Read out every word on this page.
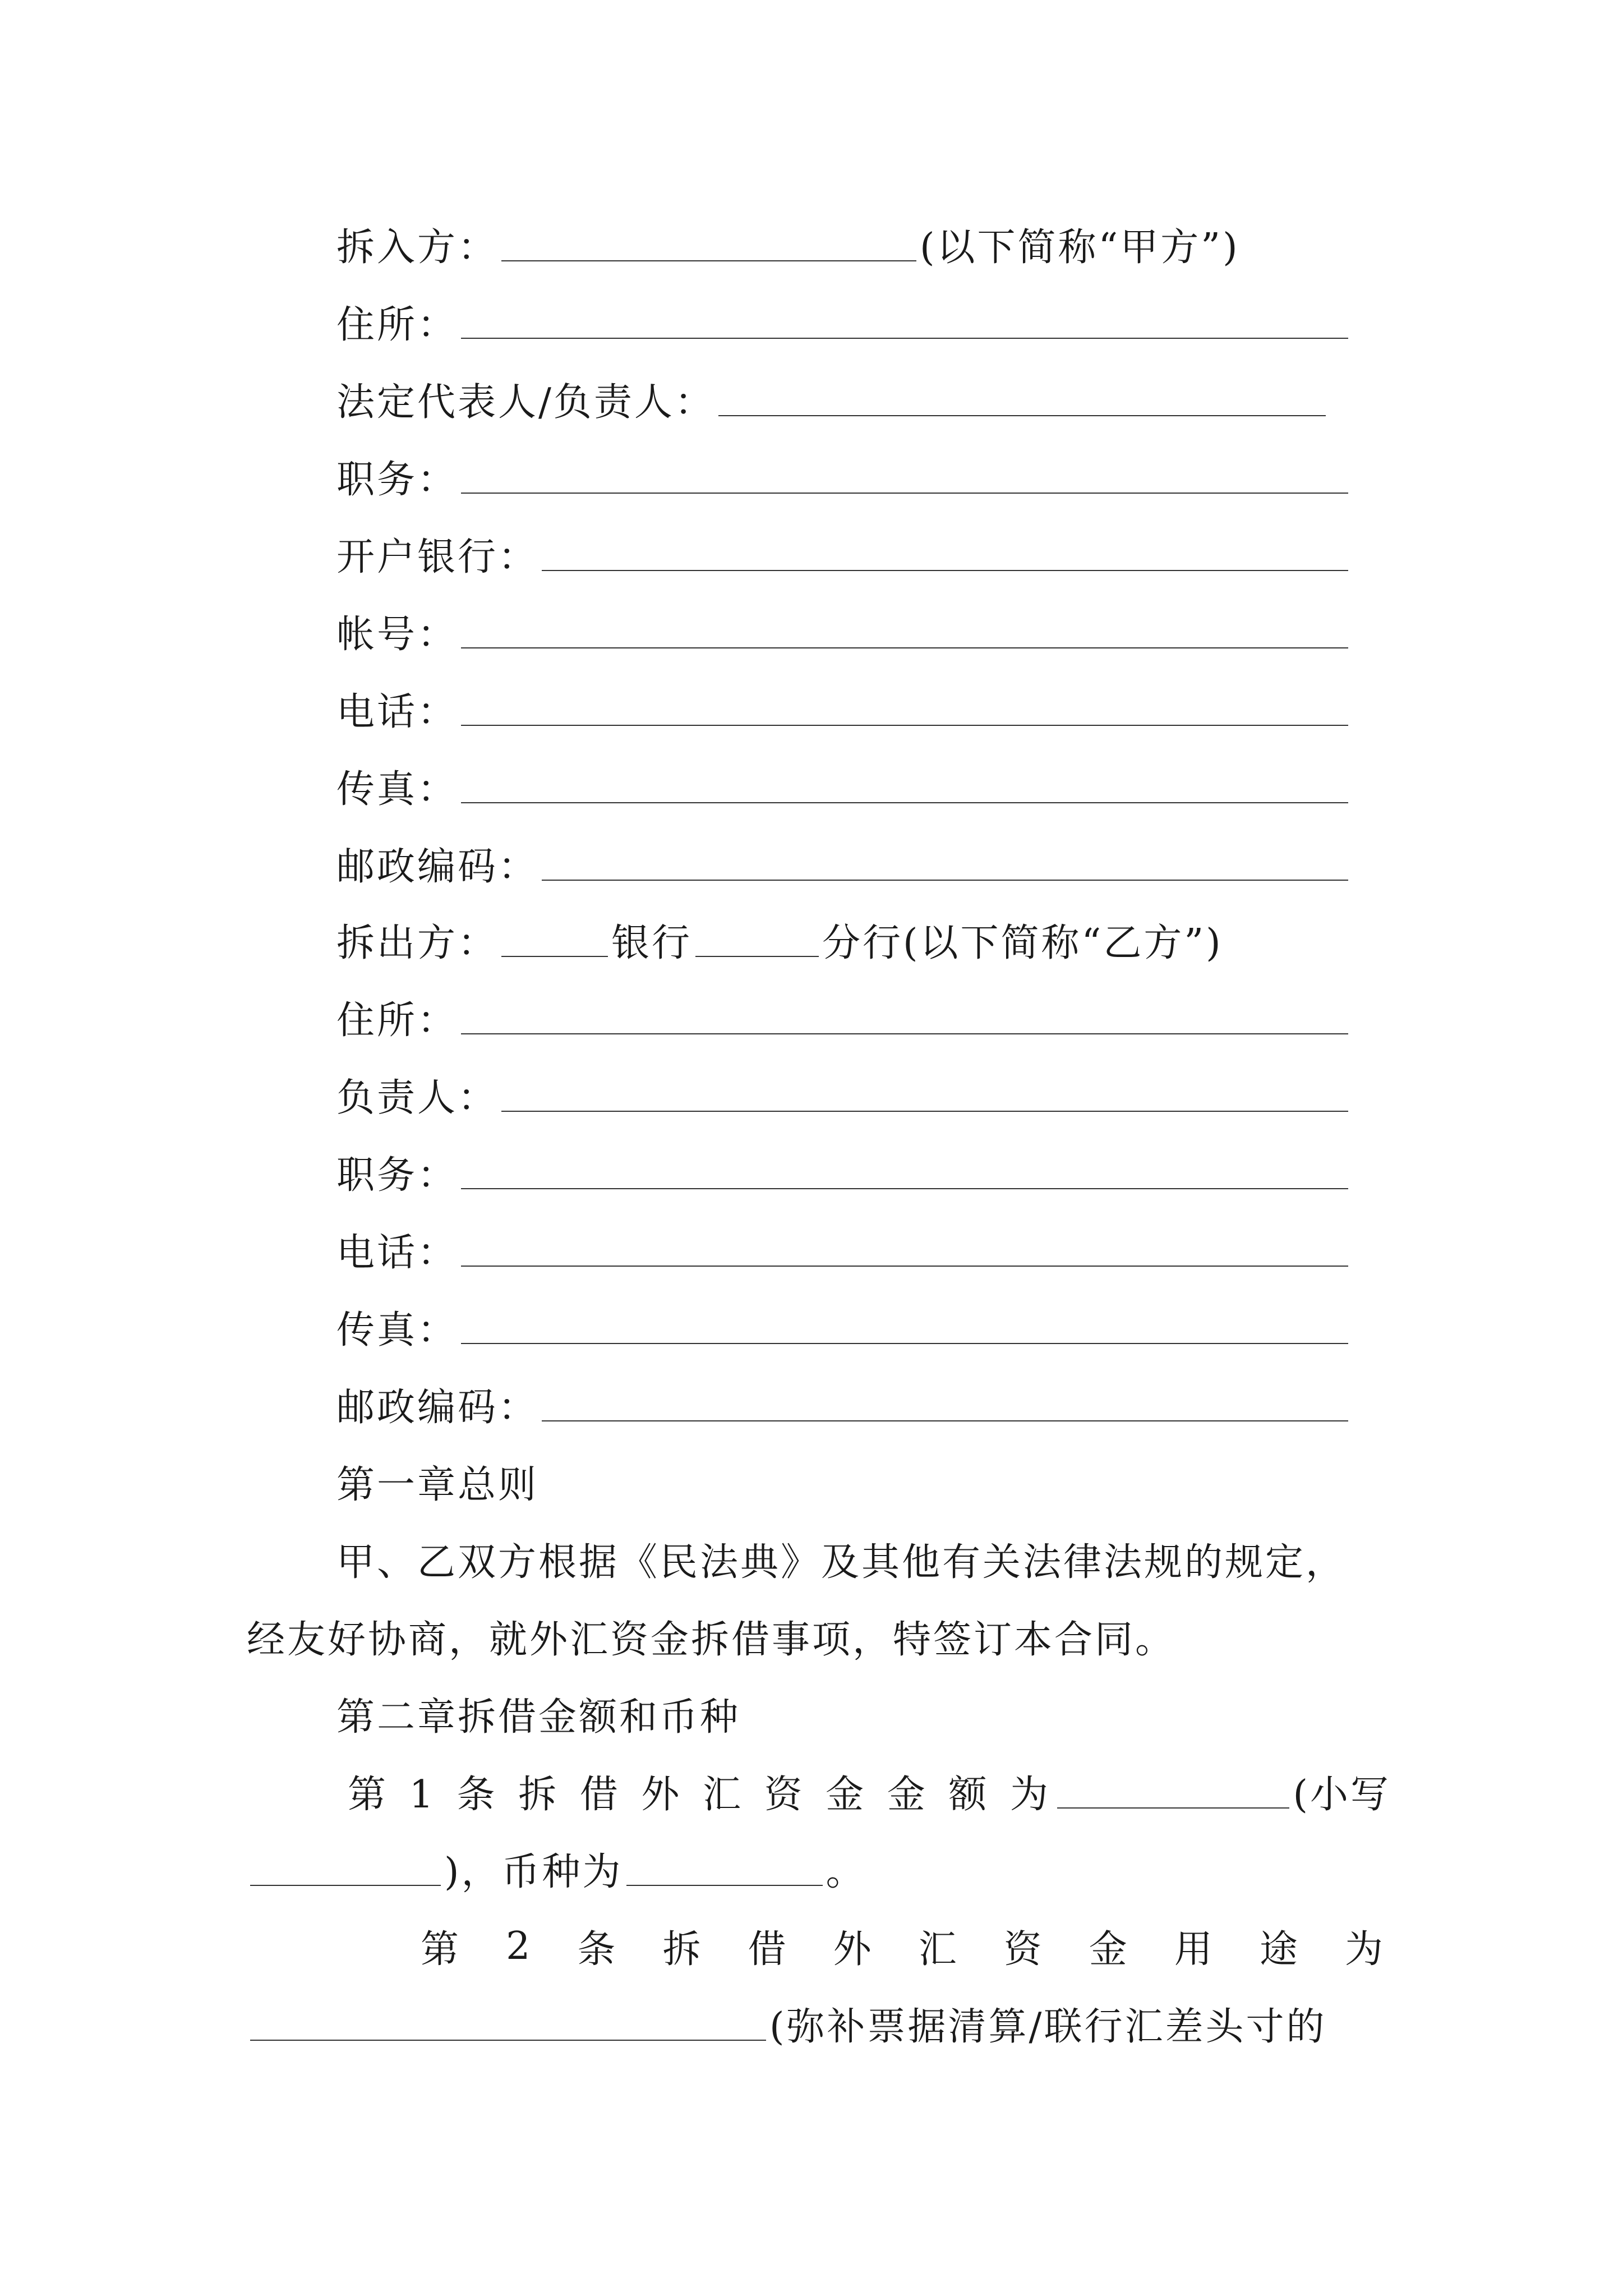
拆入方：	(以下简称“甲方”)
住所：
法定代表人/负责人：
职务：
开户银行：
帐号：
电话：
传真：
邮政编码：
拆出方：	银行	分行(以下简称“乙方”)
住所：
负责人：
职务：
电话：
传真：
邮政编码：
第一章总则
甲、乙双方根据《民法典》及其他有关法律法规的规定，
经友好协商，就外汇资金拆借事项，特签订本合同。
第二章拆借金额和币种
第 1 条 拆 借 外 汇 资 金 金 额 为	(小写
)，币种为	。
第 2 条 拆 借 外 汇 资 金 用 途 为
(弥补票据清算/联行汇差头寸的
